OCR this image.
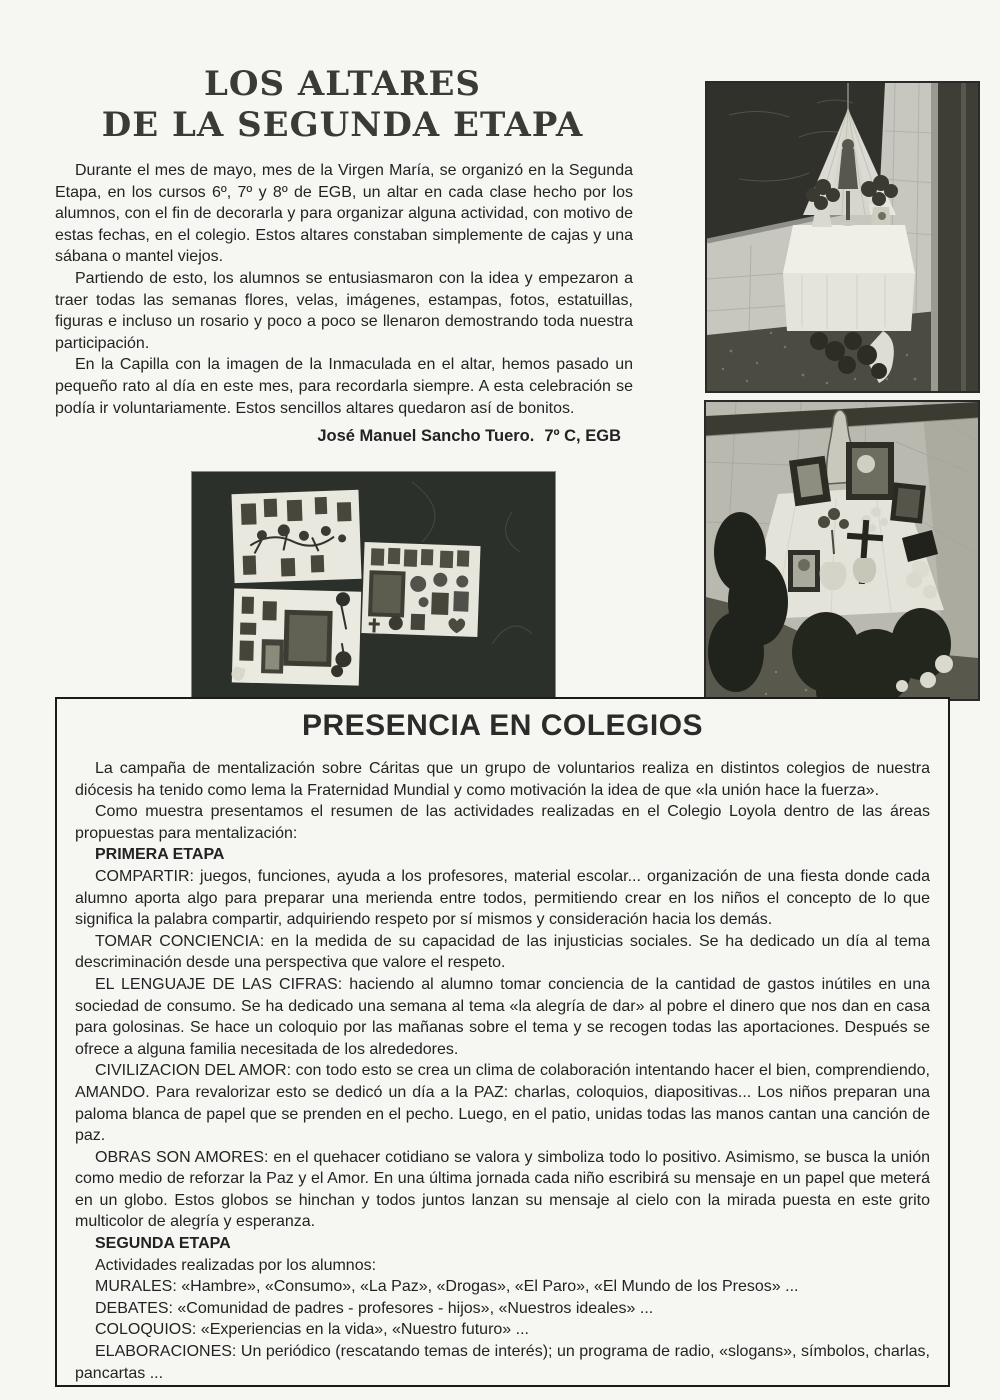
LOS ALTARES
DE LA SEGUNDA ETAPA

Durante el mes de mayo, mes de la Virgen María, se organizó en la Segunda Etapa, en los cursos 6º, 7º y 8º de EGB, un altar en cada clase hecho por los alumnos, con el fin de decorarla y para organizar alguna actividad, con motivo de estas fechas, en el colegio. Estos altares constaban simplemente de cajas y una sábana o mantel viejos.

Partiendo de esto, los alumnos se entusiasmaron con la idea y empezaron a traer todas las semanas flores, velas, imágenes, estampas, fotos, estatuillas, figuras e incluso un rosario y poco a poco se llenaron demostrando toda nuestra participación.

En la Capilla con la imagen de la Inmaculada en el altar, hemos pasado un pequeño rato al día en este mes, para recordarla siempre. A esta celebración se podía ir voluntariamente. Estos sencillos altares quedaron así de bonitos.

José Manuel Sancho Tuero. 7º C, EGB

PRESENCIA EN COLEGIOS

La campaña de mentalización sobre Cáritas que un grupo de voluntarios realiza en distintos colegios de nuestra diócesis ha tenido como lema la Fraternidad Mundial y como motivación la idea de que «la unión hace la fuerza».

Como muestra presentamos el resumen de las actividades realizadas en el Colegio Loyola dentro de las áreas propuestas para mentalización:

PRIMERA ETAPA

COMPARTIR: juegos, funciones, ayuda a los profesores, material escolar... organización de una fiesta donde cada alumno aporta algo para preparar una merienda entre todos, permitiendo crear en los niños el concepto de lo que significa la palabra compartir, adquiriendo respeto por sí mismos y consideración hacia los demás.

TOMAR CONCIENCIA: en la medida de su capacidad de las injusticias sociales. Se ha dedicado un día al tema descriminación desde una perspectiva que valore el respeto.

EL LENGUAJE DE LAS CIFRAS: haciendo al alumno tomar conciencia de la cantidad de gastos inútiles en una sociedad de consumo. Se ha dedicado una semana al tema «la alegría de dar» al pobre el dinero que nos dan en casa para golosinas. Se hace un coloquio por las mañanas sobre el tema y se recogen todas las aportaciones. Después se ofrece a alguna familia necesitada de los alrededores.

CIVILIZACION DEL AMOR: con todo esto se crea un clima de colaboración intentando hacer el bien, comprendiendo, AMANDO. Para revalorizar esto se dedicó un día a la PAZ: charlas, coloquios, diapositivas... Los niños preparan una paloma blanca de papel que se prenden en el pecho. Luego, en el patio, unidas todas las manos cantan una canción de paz.

OBRAS SON AMORES: en el quehacer cotidiano se valora y simboliza todo lo positivo. Asimismo, se busca la unión como medio de reforzar la Paz y el Amor. En una última jornada cada niño escribirá su mensaje en un papel que meterá en un globo. Estos globos se hinchan y todos juntos lanzan su mensaje al cielo con la mirada puesta en este grito multicolor de alegría y esperanza.

SEGUNDA ETAPA

Actividades realizadas por los alumnos:

MURALES: «Hambre», «Consumo», «La Paz», «Drogas», «El Paro», «El Mundo de los Presos» ...

DEBATES: «Comunidad de padres - profesores - hijos», «Nuestros ideales» ...

COLOQUIOS: «Experiencias en la vida», «Nuestro futuro» ...

ELABORACIONES: Un periódico (rescatando temas de interés); un programa de radio, «slogans», símbolos, charlas, pancartas ...
